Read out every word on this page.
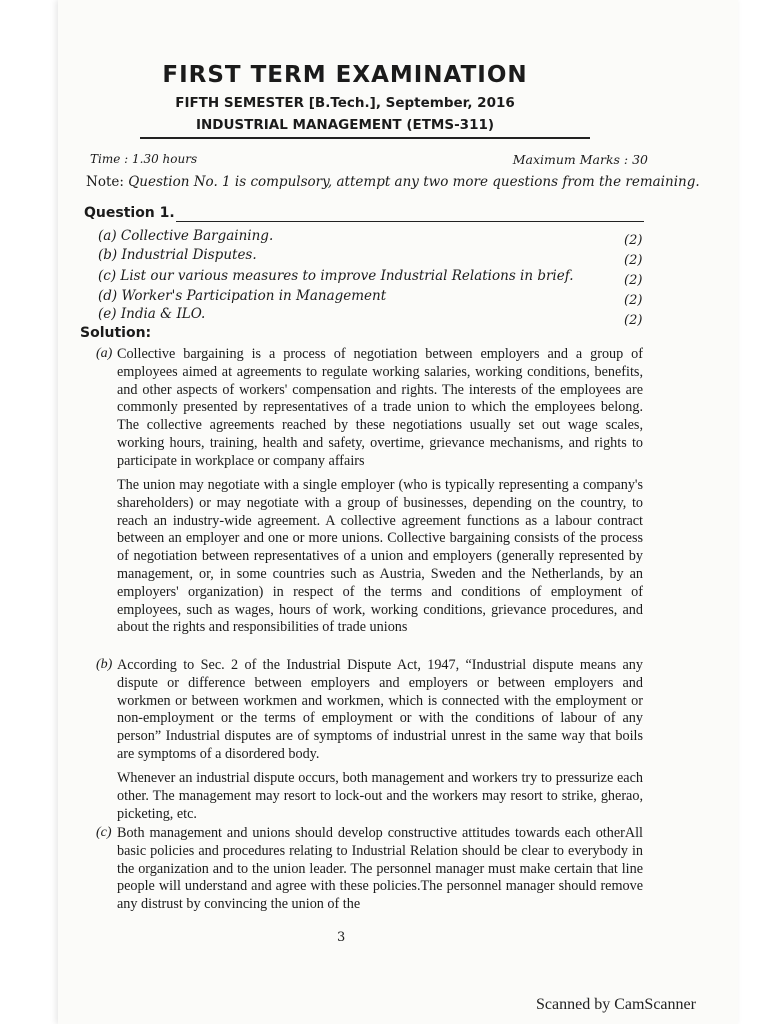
FIRST TERM EXAMINATION
FIFTH SEMESTER [B.Tech.], September, 2016
INDUSTRIAL MANAGEMENT (ETMS-311)
Time : 1.30 hours	Maximum Marks : 30
Note: Question No. 1 is compulsory, attempt any two more questions from the remaining.
Question 1.
(a) Collective Bargaining.	(2)
(b) Industrial Disputes.	(2)
(c) List our various measures to improve Industrial Relations in brief.	(2)
(d) Worker's Participation in Management	(2)
(e) India & ILO.	(2)
Solution:
(a) Collective bargaining is a process of negotiation between employers and a group of employees aimed at agreements to regulate working salaries, working conditions, benefits, and other aspects of workers' compensation and rights. The interests of the employees are commonly presented by representatives of a trade union to which the employees belong. The collective agreements reached by these negotiations usually set out wage scales, working hours, training, health and safety, overtime, grievance mechanisms, and rights to participate in workplace or company affairs
The union may negotiate with a single employer (who is typically representing a company's shareholders) or may negotiate with a group of businesses, depending on the country, to reach an industry-wide agreement. A collective agreement functions as a labour contract between an employer and one or more unions. Collective bargaining consists of the process of negotiation between representatives of a union and employers (generally represented by management, or, in some countries such as Austria, Sweden and the Netherlands, by an employers' organization) in respect of the terms and conditions of employment of employees, such as wages, hours of work, working conditions, grievance procedures, and about the rights and responsibilities of trade unions
(b) According to Sec. 2 of the Industrial Dispute Act, 1947, “Industrial dispute means any dispute or difference between employers and employers or between employers and workmen or between workmen and workmen, which is connected with the employment or non-employment or the terms of employment or with the conditions of labour of any person” Industrial disputes are of symptoms of industrial unrest in the same way that boils are symptoms of a disordered body.
Whenever an industrial dispute occurs, both management and workers try to pressurize each other. The management may resort to lock-out and the workers may resort to strike, gherao, picketing, etc.
(c) Both management and unions should develop constructive attitudes towards each otherAll basic policies and procedures relating to Industrial Relation should be clear to everybody in the organization and to the union leader. The personnel manager must make certain that line people will understand and agree with these policies.The personnel manager should remove any distrust by convincing the union of the
3
Scanned by CamScanner
